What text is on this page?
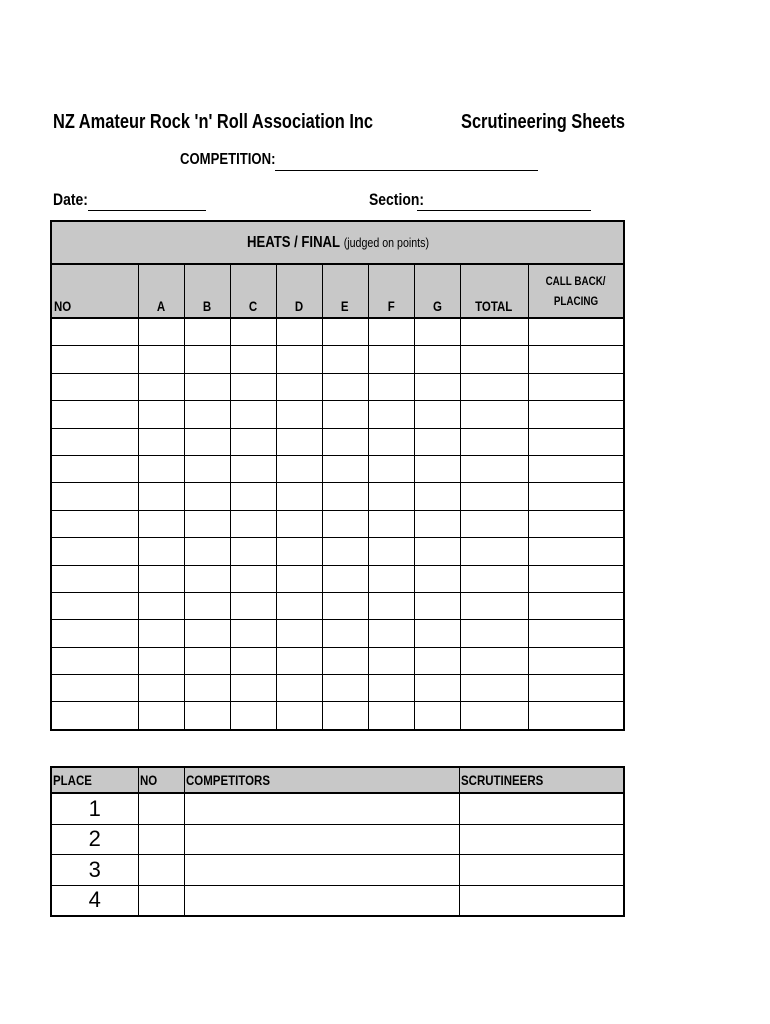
NZ Amateur Rock 'n' Roll Association Inc	Scrutineering Sheets
COMPETITION:
Date:	Section:
HEATS / FINAL (judged on points)									
NO	A	B	C	D	E	F	G	TOTAL	CALL BACK/
PLACING

PLACE	NO	COMPETITORS	SCRUTINEERS
1			
2			
3			
4			
